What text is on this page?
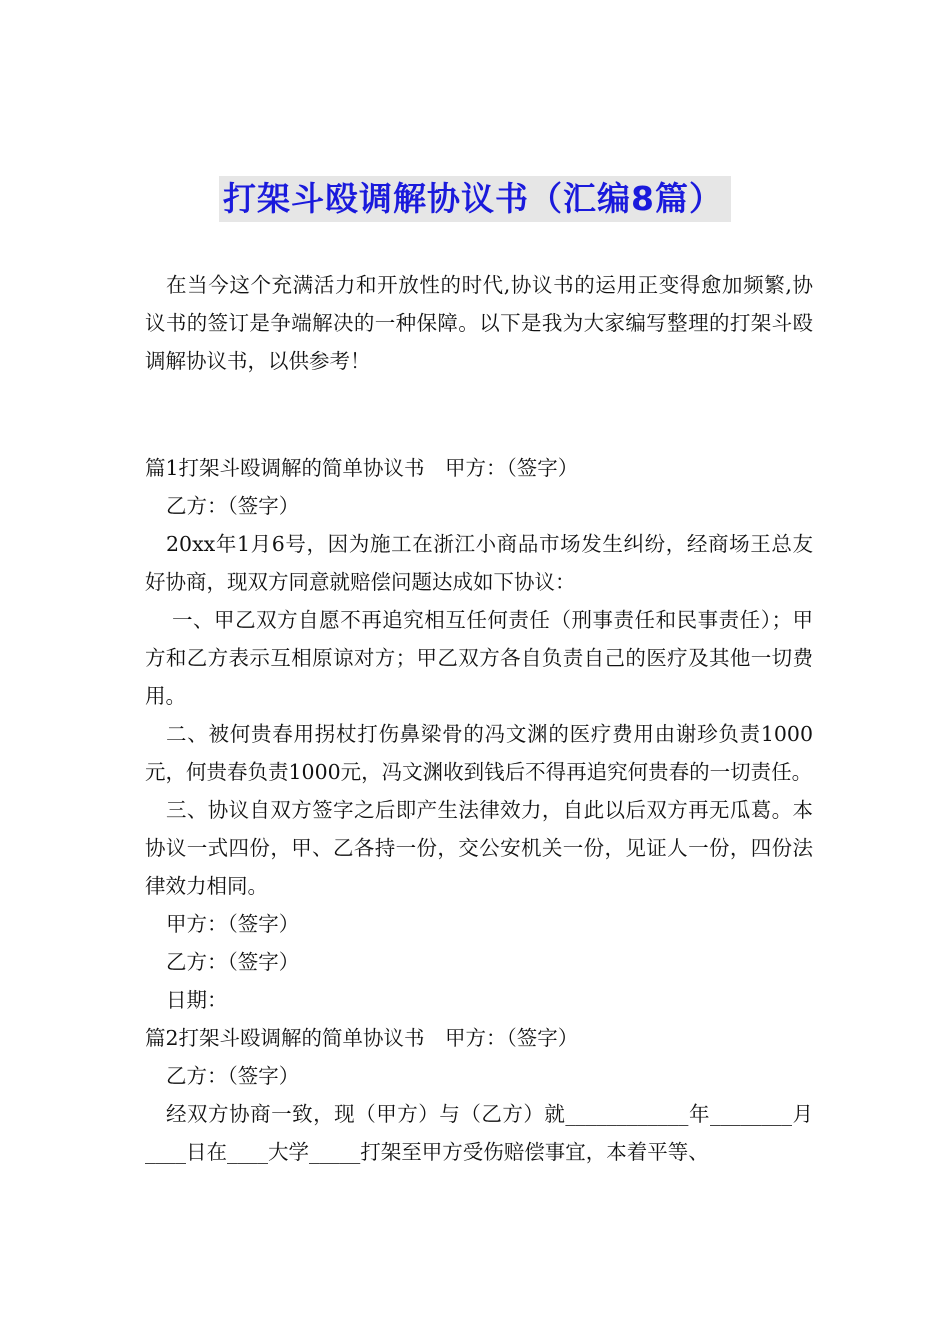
打架斗殴调解协议书（汇编8篇）

在当今这个充满活力和开放性的时代,协议书的运用正变得愈加频繁,协议书的签订是争端解决的一种保障。以下是我为大家编写整理的打架斗殴调解协议书，以供参考！

篇1打架斗殴调解的简单协议书　甲方：（签字）

乙方：（签字）

20xx年1月6号，因为施工在浙江小商品市场发生纠纷，经商场王总友好协商，现双方同意就赔偿问题达成如下协议：

一、甲乙双方自愿不再追究相互任何责任（刑事责任和民事责任）；甲方和乙方表示互相原谅对方；甲乙双方各自负责自己的医疗及其他一切费用。

二、被何贵春用拐杖打伤鼻梁骨的冯文渊的医疗费用由谢珍负责1000元，何贵春负责1000元，冯文渊收到钱后不得再追究何贵春的一切责任。

三、协议自双方签字之后即产生法律效力，自此以后双方再无瓜葛。本协议一式四份，甲、乙各持一份，交公安机关一份，见证人一份，四份法律效力相同。

甲方：（签字）

乙方：（签字）

日期：

篇2打架斗殴调解的简单协议书　甲方：（签字）

乙方：（签字）

经双方协商一致，现（甲方）与（乙方）就____________年________月____日在____大学_____打架至甲方受伤赔偿事宜，本着平等、
